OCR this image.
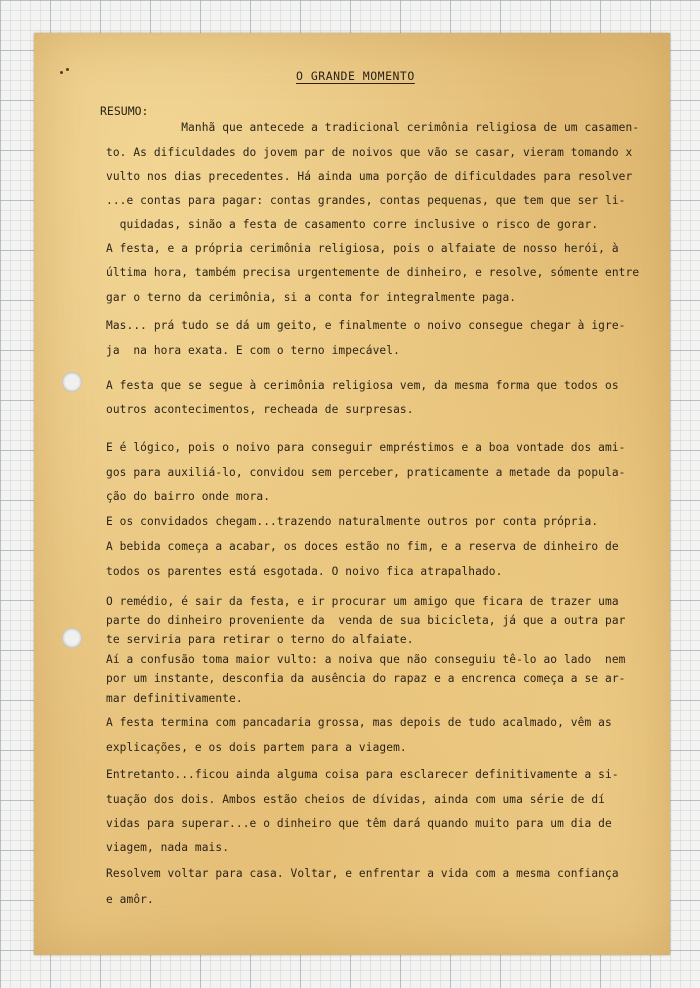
O GRANDE MOMENTO
RESUMO:
Manhã que antecede a tradicional cerimônia religiosa de um casamen-
to. As dificuldades do jovem par de noivos que vão se casar, vieram tomando x
vulto nos dias precedentes. Há ainda uma porção de dificuldades para resolver
...e contas para pagar: contas grandes, contas pequenas, que tem que ser li-
quidadas, sinão a festa de casamento corre inclusive o risco de gorar.
A festa, e a própria cerimônia religiosa, pois o alfaiate de nosso herói, à
última hora, também precisa urgentemente de dinheiro, e resolve, sómente entre
gar o terno da cerimônia, si a conta for integralmente paga.
Mas... prá tudo se dá um geito, e finalmente o noivo consegue chegar à igre-
ja  na hora exata. E com o terno impecável.
A festa que se segue à cerimônia religiosa vem, da mesma forma que todos os
outros acontecimentos, recheada de surpresas.
E é lógico, pois o noivo para conseguir empréstimos e a boa vontade dos ami-
gos para auxiliá-lo, convidou sem perceber, praticamente a metade da popula-
ção do bairro onde mora.
E os convidados chegam...trazendo naturalmente outros por conta própria.
A bebida começa a acabar, os doces estão no fim, e a reserva de dinheiro de
todos os parentes está esgotada. O noivo fica atrapalhado.
O remédio, é sair da festa, e ir procurar um amigo que ficara de trazer uma
parte do dinheiro proveniente da  venda de sua bicicleta, já que a outra par
te serviria para retirar o terno do alfaiate.
Aí a confusão toma maior vulto: a noiva que não conseguiu tê-lo ao lado  nem
por um instante, desconfia da ausência do rapaz e a encrenca começa a se ar-
mar definitivamente.
A festa termina com pancadaria grossa, mas depois de tudo acalmado, vêm as
explicações, e os dois partem para a viagem.
Entretanto...ficou ainda alguma coisa para esclarecer definitivamente a si-
tuação dos dois. Ambos estão cheios de dívidas, ainda com uma série de dí
vidas para superar...e o dinheiro que têm dará quando muito para um dia de
viagem, nada mais.
Resolvem voltar para casa. Voltar, e enfrentar a vida com a mesma confiança
e amôr.
